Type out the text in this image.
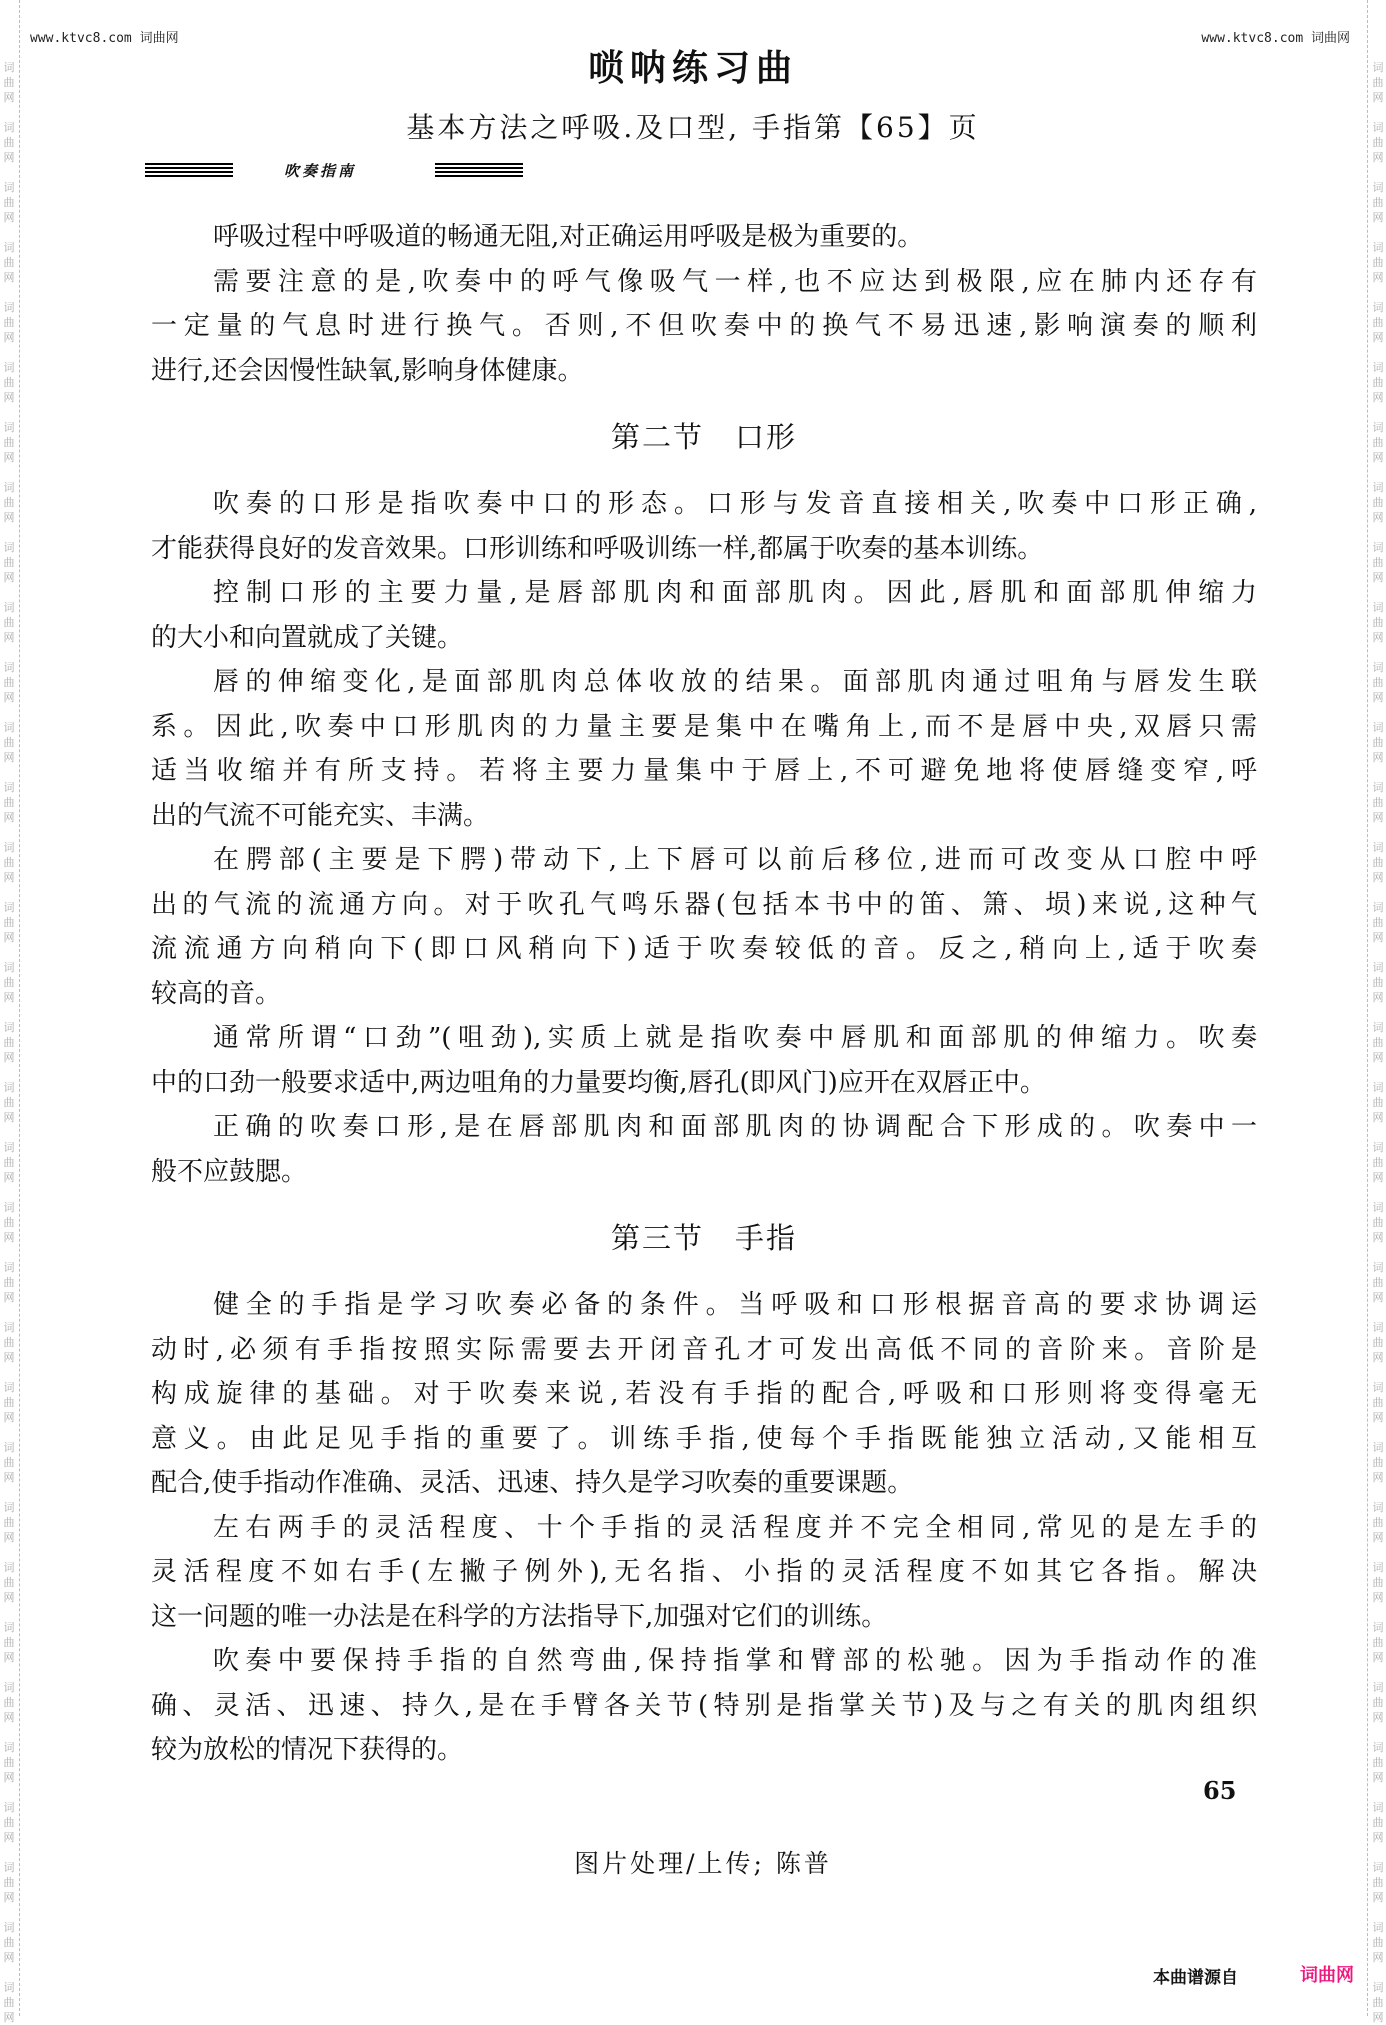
词曲网
词曲网
词曲网
词曲网
词曲网
词曲网
词曲网
词曲网
词曲网
词曲网
词曲网
词曲网
词曲网
词曲网
词曲网
词曲网
词曲网
词曲网
词曲网
词曲网
词曲网
词曲网
词曲网
词曲网
词曲网
词曲网
词曲网
词曲网
词曲网
词曲网
词曲网
词曲网
词曲网
词曲网
词曲网
词曲网
词曲网
词曲网
词曲网
词曲网
词曲网
词曲网
词曲网
词曲网
词曲网
词曲网
词曲网
词曲网
词曲网
词曲网
词曲网
词曲网
词曲网
词曲网
词曲网
词曲网
词曲网
词曲网
词曲网
词曲网
词曲网
词曲网
词曲网
词曲网
词曲网
词曲网
www.ktvc8.com 词曲网	www.ktvc8.com 词曲网
唢呐练习曲
基本方法之呼吸.及口型, 手指第【65】页
吹奏指南
呼吸过程中呼吸道的畅通无阻,对正确运用呼吸是极为重要的。
需要注意的是,吹奏中的呼气像吸气一样,也不应达到极限,应在肺内还存有
一定量的气息时进行换气。否则,不但吹奏中的换气不易迅速,影响演奏的顺利
进行,还会因慢性缺氧,影响身体健康。
第二节　口形
吹奏的口形是指吹奏中口的形态。口形与发音直接相关,吹奏中口形正确,
才能获得良好的发音效果。口形训练和呼吸训练一样,都属于吹奏的基本训练。
控制口形的主要力量,是唇部肌肉和面部肌肉。因此,唇肌和面部肌伸缩力
的大小和向置就成了关键。
唇的伸缩变化,是面部肌肉总体收放的结果。面部肌肉通过咀角与唇发生联
系。因此,吹奏中口形肌肉的力量主要是集中在嘴角上,而不是唇中央,双唇只需
适当收缩并有所支持。若将主要力量集中于唇上,不可避免地将使唇缝变窄,呼
出的气流不可能充实、丰满。
在腭部(主要是下腭)带动下,上下唇可以前后移位,进而可改变从口腔中呼
出的气流的流通方向。对于吹孔气鸣乐器(包括本书中的笛、箫、埙)来说,这种气
流流通方向稍向下(即口风稍向下)适于吹奏较低的音。反之,稍向上,适于吹奏
较高的音。
通常所谓“口劲”(咀劲),实质上就是指吹奏中唇肌和面部肌的伸缩力。吹奏
中的口劲一般要求适中,两边咀角的力量要均衡,唇孔(即风门)应开在双唇正中。
正确的吹奏口形,是在唇部肌肉和面部肌肉的协调配合下形成的。吹奏中一
般不应鼓腮。
第三节　手指
健全的手指是学习吹奏必备的条件。当呼吸和口形根据音高的要求协调运
动时,必须有手指按照实际需要去开闭音孔才可发出高低不同的音阶来。音阶是
构成旋律的基础。对于吹奏来说,若没有手指的配合,呼吸和口形则将变得毫无
意义。由此足见手指的重要了。训练手指,使每个手指既能独立活动,又能相互
配合,使手指动作准确、灵活、迅速、持久是学习吹奏的重要课题。
左右两手的灵活程度、十个手指的灵活程度并不完全相同,常见的是左手的
灵活程度不如右手(左撇子例外),无名指、小指的灵活程度不如其它各指。解决
这一问题的唯一办法是在科学的方法指导下,加强对它们的训练。
吹奏中要保持手指的自然弯曲,保持指掌和臂部的松驰。因为手指动作的准
确、灵活、迅速、持久,是在手臂各关节(特别是指掌关节)及与之有关的肌肉组织
较为放松的情况下获得的。
65
图片处理/上传; 陈普
本曲谱源自	词曲网
